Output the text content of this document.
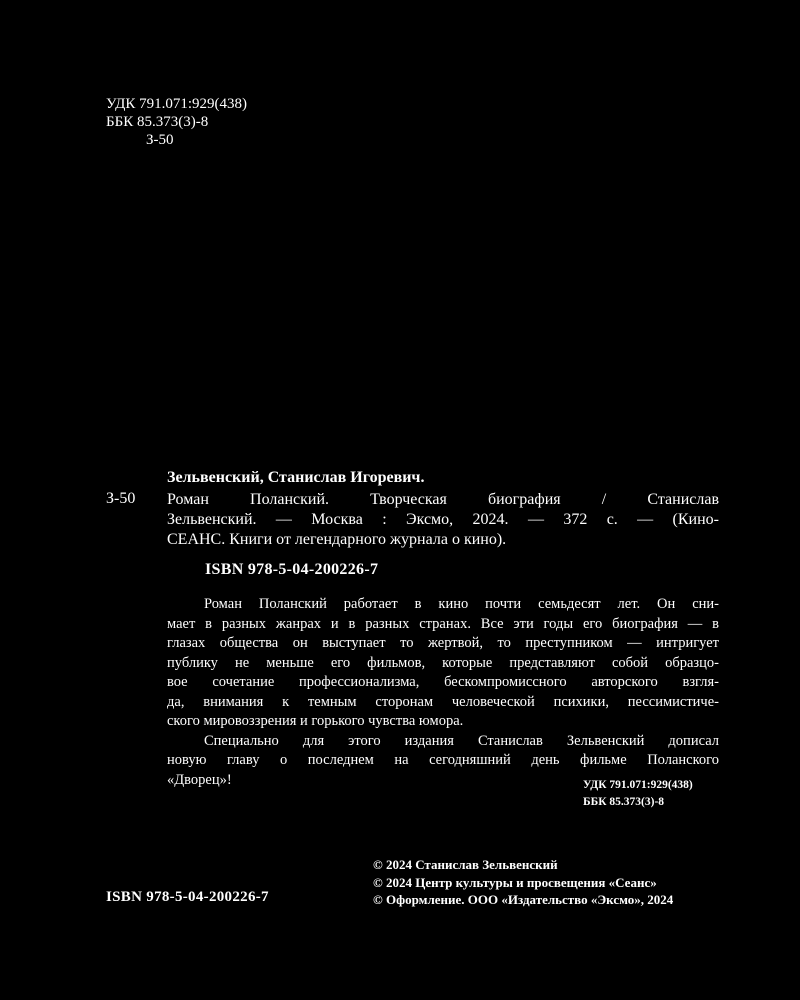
УДК 791.071:929(438)
ББК 85.373(3)-8
З-50
Зельвенский, Станислав Игоревич.
З-50 Роман Поланский. Творческая биография / Станислав
Зельвенский. — Москва : Эксмо, 2024. — 372 с. — (Кино-
СЕАНС. Книги от легендарного журнала о кино).
ISBN 978-5-04-200226-7
Роман Поланский работает в кино почти семьдесят лет. Он сни-
мает в разных жанрах и в разных странах. Все эти годы его биография — в
глазах общества он выступает то жертвой, то преступником — интригует
публику не меньше его фильмов, которые представляют собой образцо-
вое сочетание профессионализма, бескомпромиссного авторского взгля-
да, внимания к темным сторонам человеческой психики, пессимистиче-
ского мировоззрения и горького чувства юмора.
Специально для этого издания Станислав Зельвенский дописал
новую главу о последнем на сегодняшний день фильме Поланского
«Дворец»!	УДК 791.071:929(438)
ББК 85.373(3)-8
© 2024 Станислав Зельвенский
© 2024 Центр культуры и просвещения «Сеанс»
© Оформление. ООО «Издательство «Эксмо», 2024
ISBN 978-5-04-200226-7
